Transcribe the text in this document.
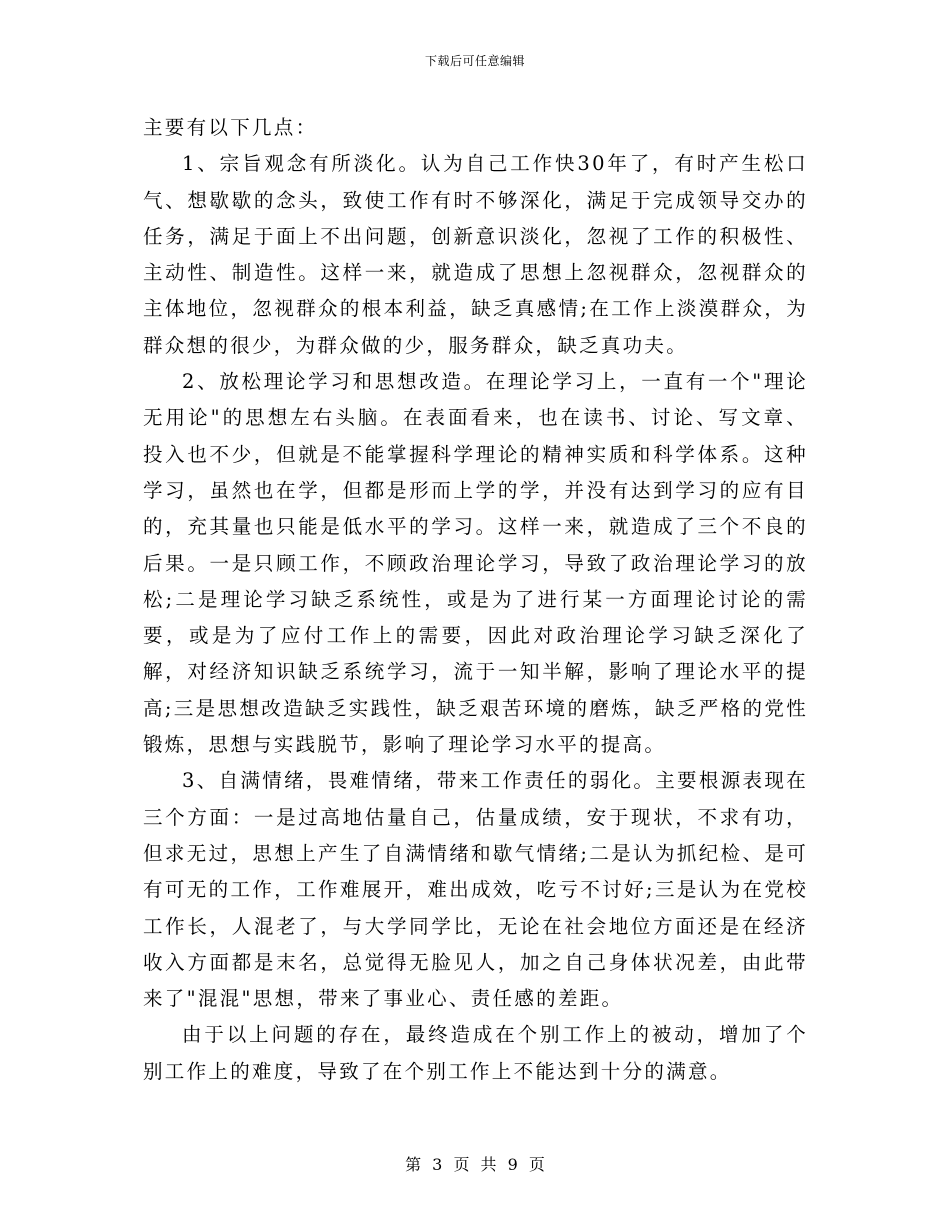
下载后可任意编辑

主要有以下几点：

1、宗旨观念有所淡化。认为自己工作快30年了，有时产生松口气、想歇歇的念头，致使工作有时不够深化，满足于完成领导交办的任务，满足于面上不出问题，创新意识淡化，忽视了工作的积极性、主动性、制造性。这样一来，就造成了思想上忽视群众，忽视群众的主体地位，忽视群众的根本利益，缺乏真感情;在工作上淡漠群众，为群众想的很少，为群众做的少，服务群众，缺乏真功夫。

2、放松理论学习和思想改造。在理论学习上，一直有一个"理论无用论"的思想左右头脑。在表面看来，也在读书、讨论、写文章、投入也不少，但就是不能掌握科学理论的精神实质和科学体系。这种学习，虽然也在学，但都是形而上学的学，并没有达到学习的应有目的，充其量也只能是低水平的学习。这样一来，就造成了三个不良的后果。一是只顾工作，不顾政治理论学习，导致了政治理论学习的放松;二是理论学习缺乏系统性，或是为了进行某一方面理论讨论的需要，或是为了应付工作上的需要，因此对政治理论学习缺乏深化了解，对经济知识缺乏系统学习，流于一知半解，影响了理论水平的提高;三是思想改造缺乏实践性，缺乏艰苦环境的磨炼，缺乏严格的党性锻炼，思想与实践脱节，影响了理论学习水平的提高。

3、自满情绪，畏难情绪，带来工作责任的弱化。主要根源表现在三个方面：一是过高地估量自己，估量成绩，安于现状，不求有功，但求无过，思想上产生了自满情绪和歇气情绪;二是认为抓纪检、是可有可无的工作，工作难展开，难出成效，吃亏不讨好;三是认为在党校工作长，人混老了，与大学同学比，无论在社会地位方面还是在经济收入方面都是末名，总觉得无脸见人，加之自己身体状况差，由此带来了"混混"思想，带来了事业心、责任感的差距。

由于以上问题的存在，最终造成在个别工作上的被动，增加了个别工作上的难度，导致了在个别工作上不能达到十分的满意。

第 3 页 共 9 页
